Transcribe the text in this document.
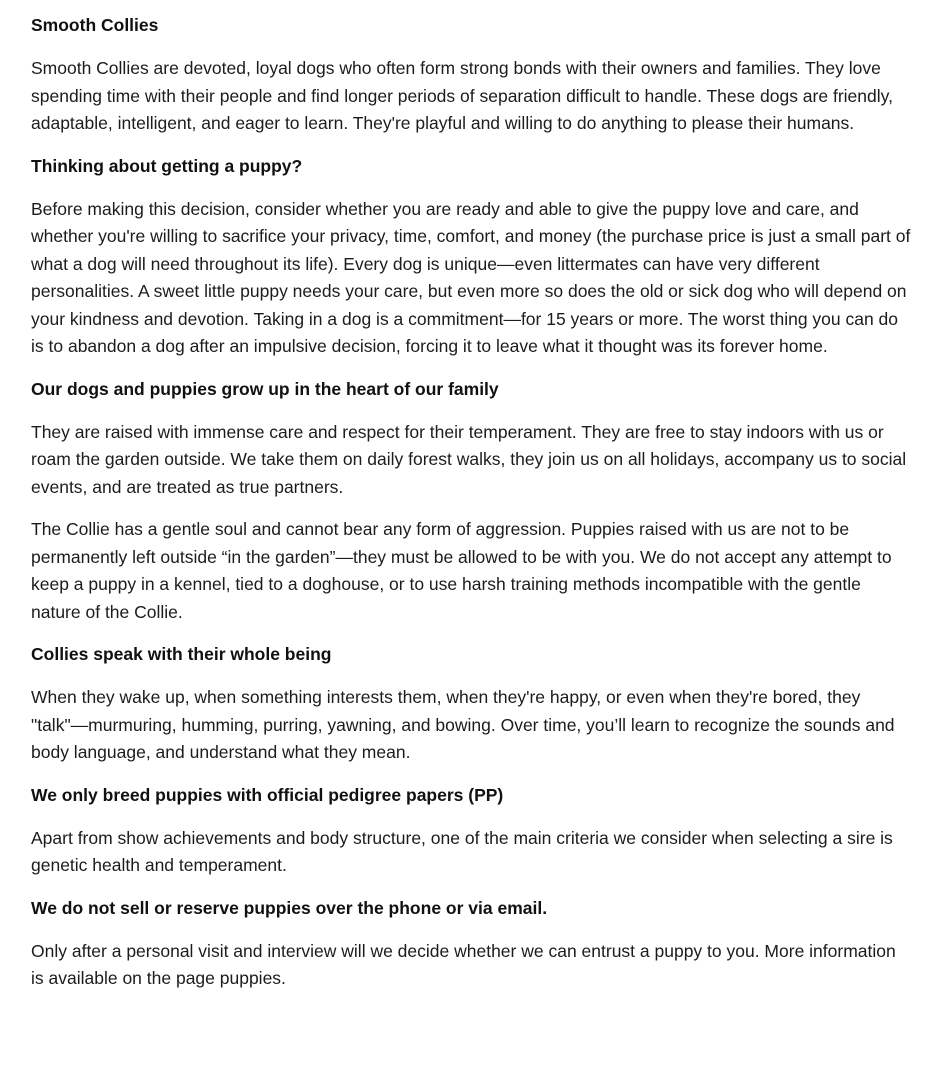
Smooth Collies

Smooth Collies are devoted, loyal dogs who often form strong bonds with their owners and families. They love spending time with their people and find longer periods of separation difficult to handle. These dogs are friendly, adaptable, intelligent, and eager to learn. They're playful and willing to do anything to please their humans.

Thinking about getting a puppy?

Before making this decision, consider whether you are ready and able to give the puppy love and care, and whether you're willing to sacrifice your privacy, time, comfort, and money (the purchase price is just a small part of what a dog will need throughout its life). Every dog is unique—even littermates can have very different personalities. A sweet little puppy needs your care, but even more so does the old or sick dog who will depend on your kindness and devotion. Taking in a dog is a commitment—for 15 years or more. The worst thing you can do is to abandon a dog after an impulsive decision, forcing it to leave what it thought was its forever home.

Our dogs and puppies grow up in the heart of our family

They are raised with immense care and respect for their temperament. They are free to stay indoors with us or roam the garden outside. We take them on daily forest walks, they join us on all holidays, accompany us to social events, and are treated as true partners.

The Collie has a gentle soul and cannot bear any form of aggression. Puppies raised with us are not to be permanently left outside “in the garden”—they must be allowed to be with you. We do not accept any attempt to keep a puppy in a kennel, tied to a doghouse, or to use harsh training methods incompatible with the gentle nature of the Collie.

Collies speak with their whole being

When they wake up, when something interests them, when they're happy, or even when they're bored, they "talk"—murmuring, humming, purring, yawning, and bowing. Over time, you’ll learn to recognize the sounds and body language, and understand what they mean.

We only breed puppies with official pedigree papers (PP)

Apart from show achievements and body structure, one of the main criteria we consider when selecting a sire is genetic health and temperament.

We do not sell or reserve puppies over the phone or via email.

Only after a personal visit and interview will we decide whether we can entrust a puppy to you. More information is available on the page puppies.
